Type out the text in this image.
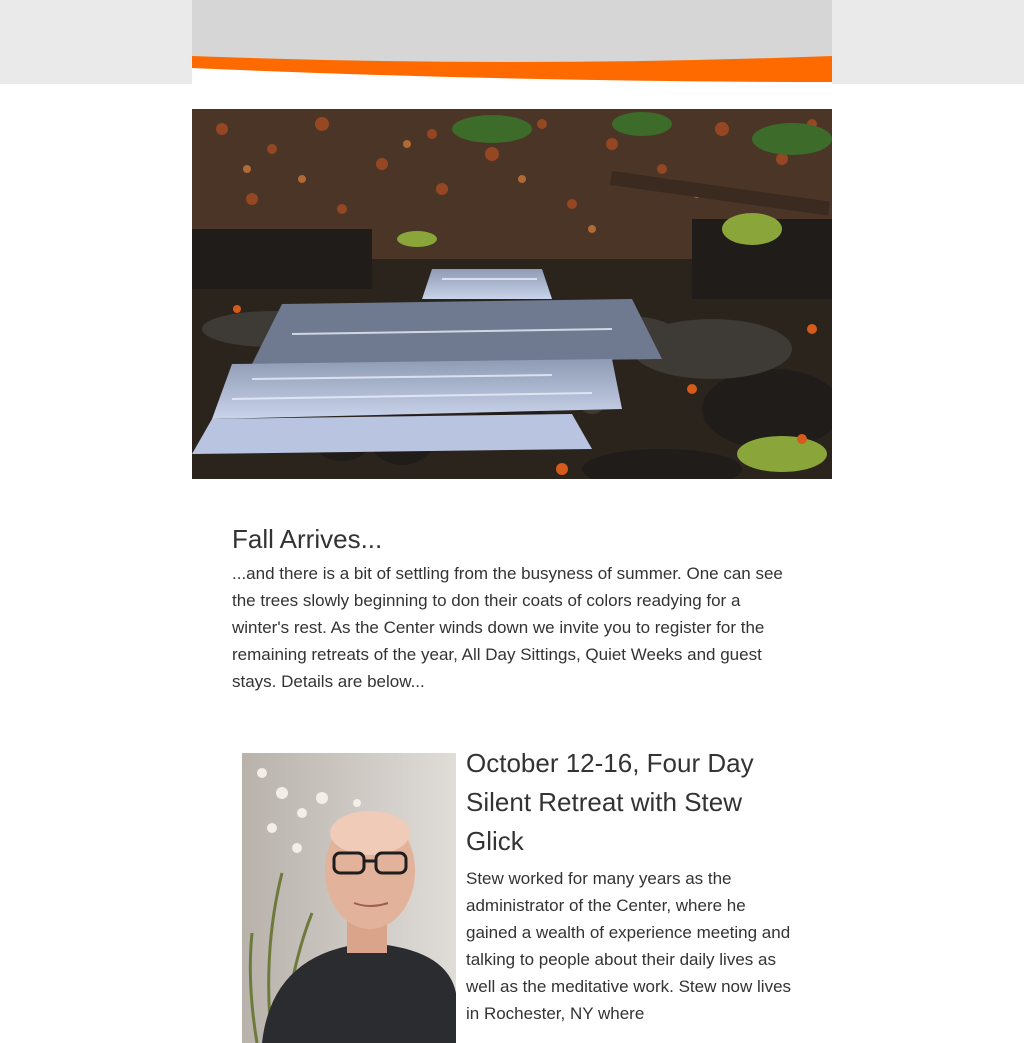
Fall Arrives...

...and there is a bit of settling from the busyness of summer. One can see the trees slowly beginning to don their coats of colors readying for a winter's rest. As the Center winds down we invite you to register for the remaining retreats of the year, All Day Sittings, Quiet Weeks and guest stays. Details are below...

October 12-16, Four Day Silent Retreat with Stew Glick

Stew worked for many years as the administrator of the Center, where he gained a wealth of experience meeting and talking to people about their daily lives as well as the meditative work. Stew now lives in Rochester, NY where
